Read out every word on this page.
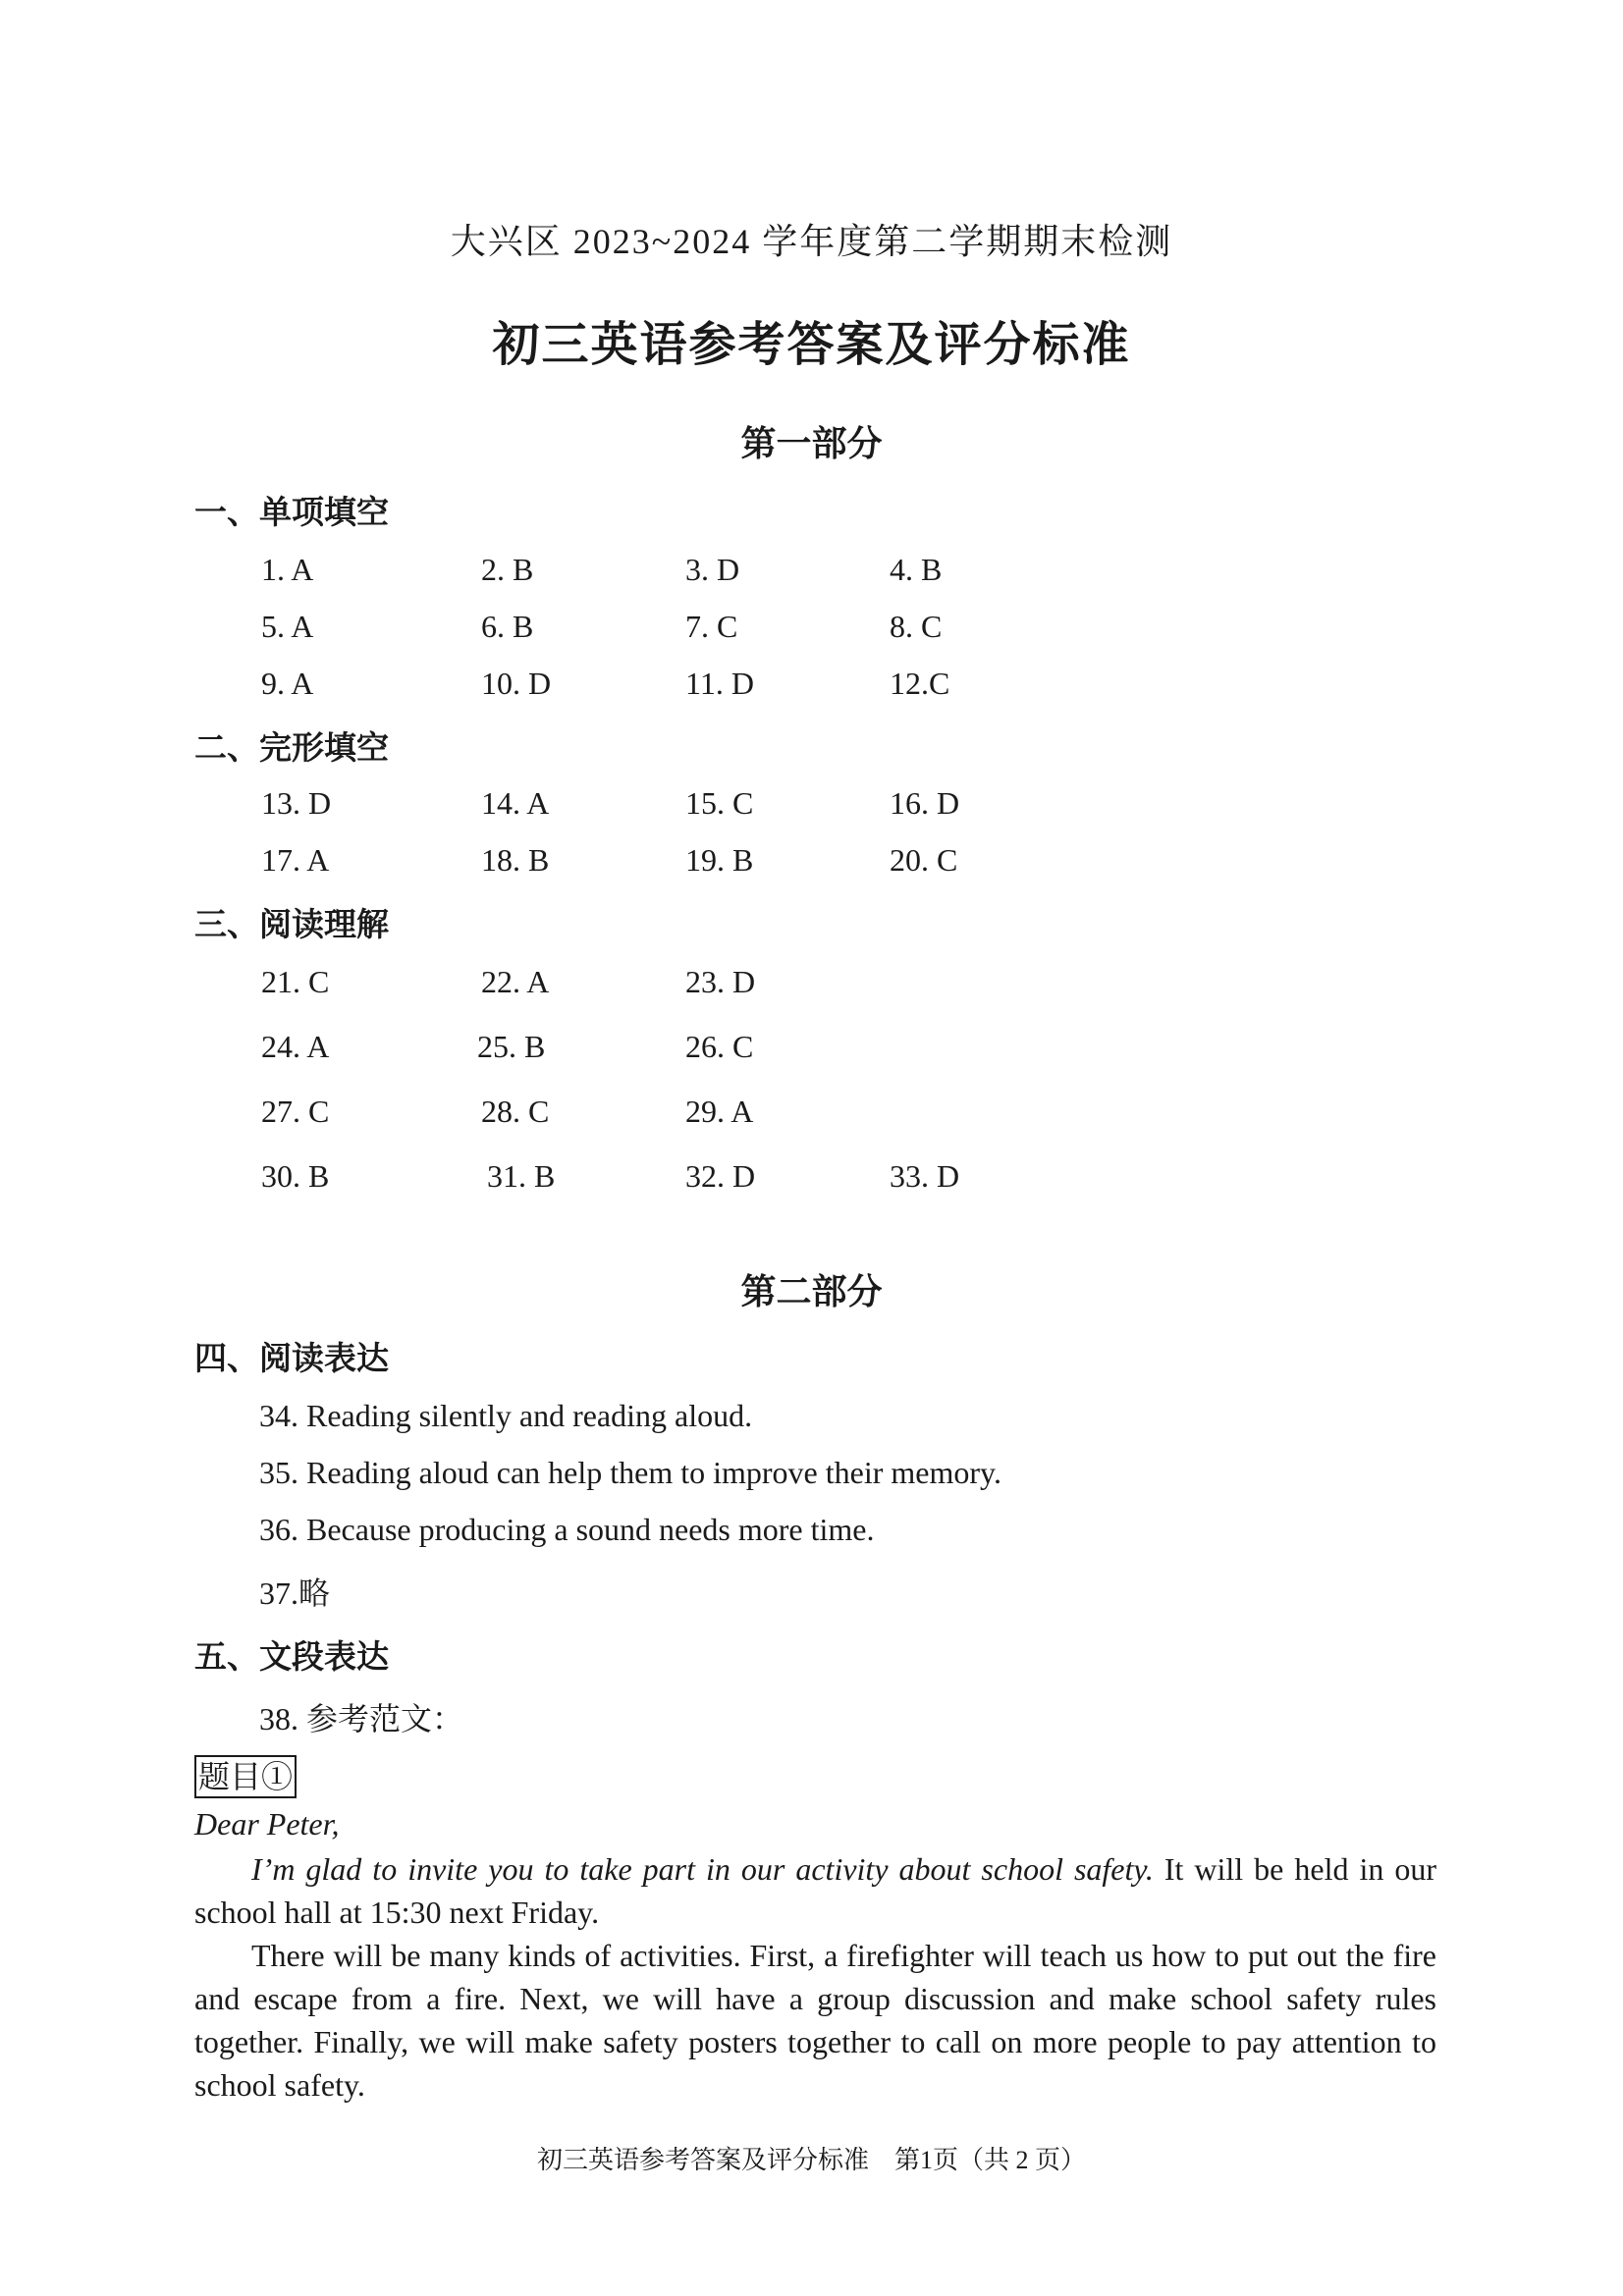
大兴区 2023~2024 学年度第二学期期末检测
初三英语参考答案及评分标准
第一部分
一、单项填空
1. A	2. B	3. D	4. B
5. A	6. B	7. C	8. C
9. A	10. D	11. D	12.C
二、完形填空
13. D	14. A	15. C	16. D
17. A	18. B	19. B	20. C
三、阅读理解
21. C	22. A	23. D
24. A	25. B	26. C
27. C	28. C	29. A
30. B	31. B	32. D	33. D
第二部分
四、阅读表达
34. Reading silently and reading aloud.
35. Reading aloud can help them to improve their memory.
36. Because producing a sound needs more time.
37.略
五、文段表达
38. 参考范文：
题目①
Dear Peter,

I’m glad to invite you to take part in our activity about school safety. It will be held in our school hall at 15:30 next Friday.

There will be many kinds of activities. First, a firefighter will teach us how to put out the fire and escape from a fire. Next, we will have a group discussion and make school safety rules together. Finally, we will make safety posters together to call on more people to pay attention to school safety.

初三英语参考答案及评分标准    第1页（共 2 页）
